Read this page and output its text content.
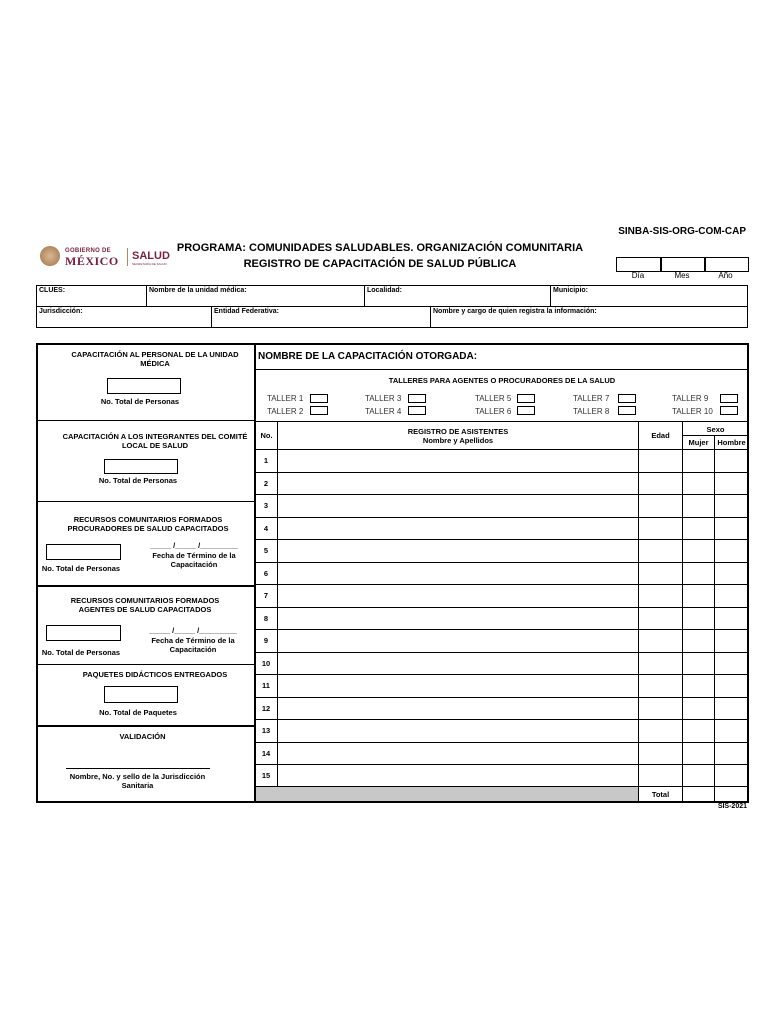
SINBA-SIS-ORG-COM-CAP
GOBIERNO DE
MÉXICO SALUD
SECRETARÍA DE SALUD
PROGRAMA: COMUNIDADES SALUDABLES. ORGANIZACIÓN COMUNITARIA
REGISTRO DE CAPACITACIÓN DE SALUD PÚBLICA
Día	Mes	Año
CLUES:	Nombre de la unidad médica:	Localidad:	Municipio:
Jurisdicción:	Entidad Federativa:	Nombre y cargo de quien registra la información:
CAPACITACIÓN AL PERSONAL DE LA UNIDAD MÉDICA
No. Total de Personas
CAPACITACIÓN A LOS INTEGRANTES DEL COMITÉ LOCAL DE SALUD
No. Total de Personas
RECURSOS COMUNITARIOS FORMADOS PROCURADORES DE SALUD CAPACITADOS
No. Total de Personas
_____ /_____ /_________
Fecha de Término de la Capacitación
RECURSOS COMUNITARIOS FORMADOS AGENTES DE SALUD CAPACITADOS
No. Total de Personas
_____ /_____ /_________
Fecha de Término de la Capacitación
PAQUETES DIDÁCTICOS ENTREGADOS
No. Total de Paquetes
VALIDACIÓN
Nombre, No. y sello de la Jurisdicción Sanitaria
NOMBRE DE LA CAPACITACIÓN OTORGADA:
TALLERES PARA AGENTES O PROCURADORES DE LA SALUD
TALLER 1
TALLER 2
TALLER 3
TALLER 4
TALLER 5
TALLER 6
TALLER 7
TALLER 8
TALLER 9
TALLER 10
No.	REGISTRO DE ASISTENTES
Nombre y Apellidos
Edad
Sexo
Mujer	Hombre
1
2
3
4
5
6
7
8
9
10
11
12
13
14
15
Total
SIS-2021
